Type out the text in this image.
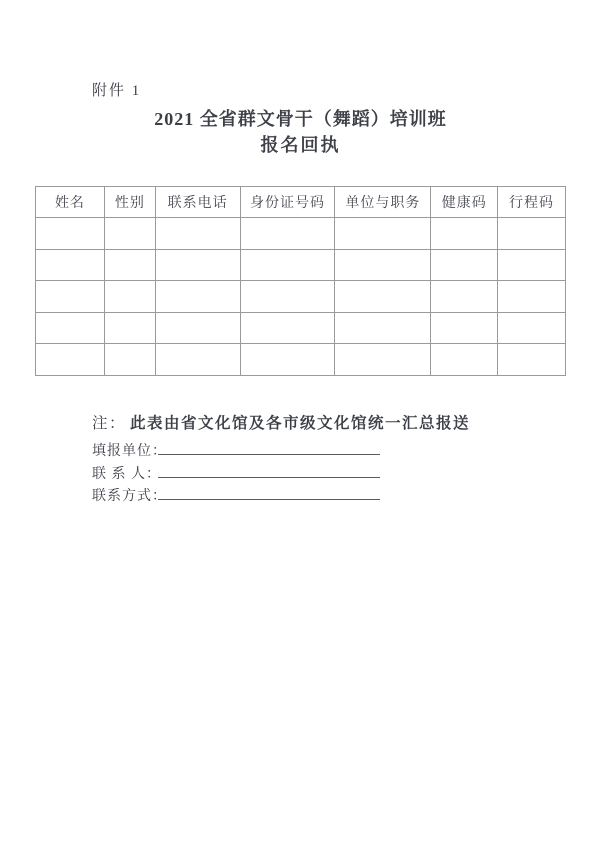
附件 1
2021 全省群文骨干（舞蹈）培训班
报名回执
姓名	性别	联系电话	身份证号码	单位与职务	健康码	行程码

注： 此表由省文化馆及各市级文化馆统一汇总报送
填报单位：
联 系 人：
联系方式：
